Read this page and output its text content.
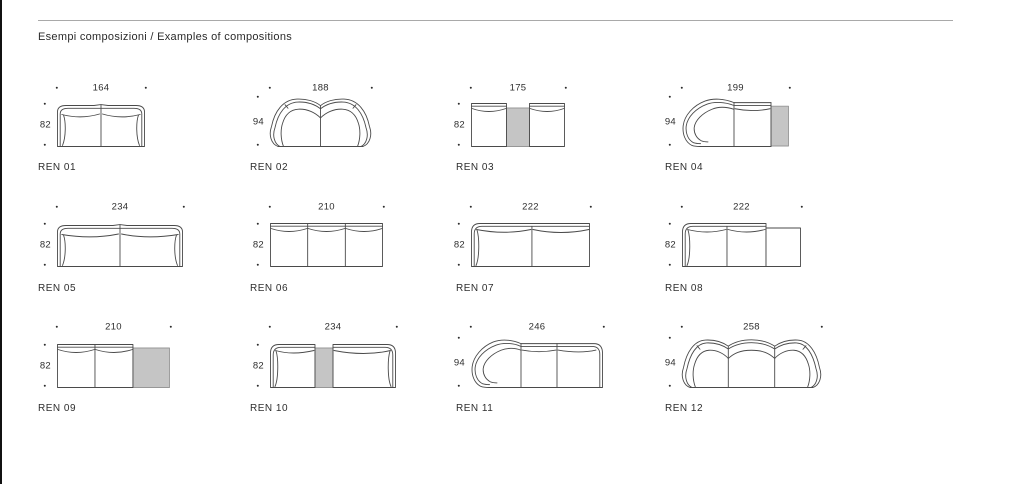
Esempi composizioni / Examples of compositions
164
82
REN 01
188
94
REN 02
175
82
REN 03
199
94
REN 04
234
82
REN 05
210
82
REN 06
222
82
REN 07
222
82
REN 08
210
82
REN 09
234
82
REN 10
246
94
REN 11
258
94
REN 12
